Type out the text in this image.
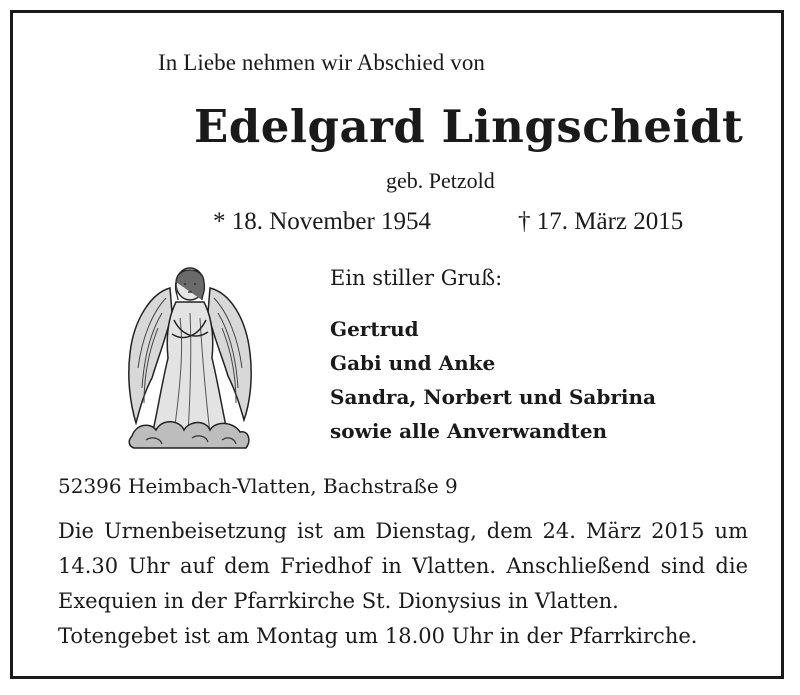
In Liebe nehmen wir Abschied von
Edelgard Lingscheidt
geb. Petzold
* 18. November 1954	† 17. März 2015
Ein stiller Gruß:
Gertrud
Gabi und Anke
Sandra, Norbert und Sabrina
sowie alle Anverwandten
52396 Heimbach-Vlatten, Bachstraße 9
Die Urnenbeisetzung ist am Dienstag, dem 24. März 2015 um
14.30 Uhr auf dem Friedhof in Vlatten. Anschließend sind die
Exequien in der Pfarrkirche St. Dionysius in Vlatten.
Totengebet ist am Montag um 18.00 Uhr in der Pfarrkirche.
